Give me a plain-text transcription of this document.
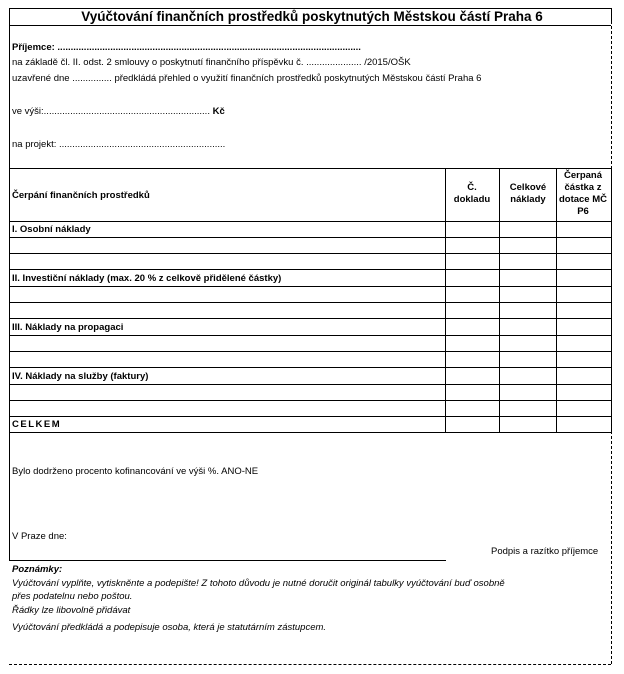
Vyúčtování finančních prostředků poskytnutých Městskou částí Praha 6
Příjemce: ...................................................................................................................
na základě čl. II. odst. 2 smlouvy o poskytnutí finančního příspěvku č. ..................... /2015/OŠK
uzavřené dne ............... předkládá přehled o využití finančních prostředků poskytnutých Městskou částí Praha 6
ve výši:............................................................... Kč
na projekt: ...............................................................
Čerpání finančních prostředků
Č. dokladu
Celkové náklady
Čerpaná částka z dotace MČ P6
I. Osobní náklady
II. Investiční náklady (max. 20 % z celkově přidělené částky)
III. Náklady na propagaci
IV. Náklady na služby (faktury)
CELKEM
Bylo dodrženo procento kofinancování ve výši %. ANO-NE
V Praze dne:
Podpis a razítko příjemce
Poznámky:
Vyúčtování vyplňte, vytiskněnte a podepište! Z tohoto důvodu je nutné doručit originál tabulky vyúčtování buď osobně
přes podatelnu nebo poštou.
Řádky lze libovolně přidávat
Vyúčtování předkládá a podepisuje osoba, která je statutárním zástupcem.
